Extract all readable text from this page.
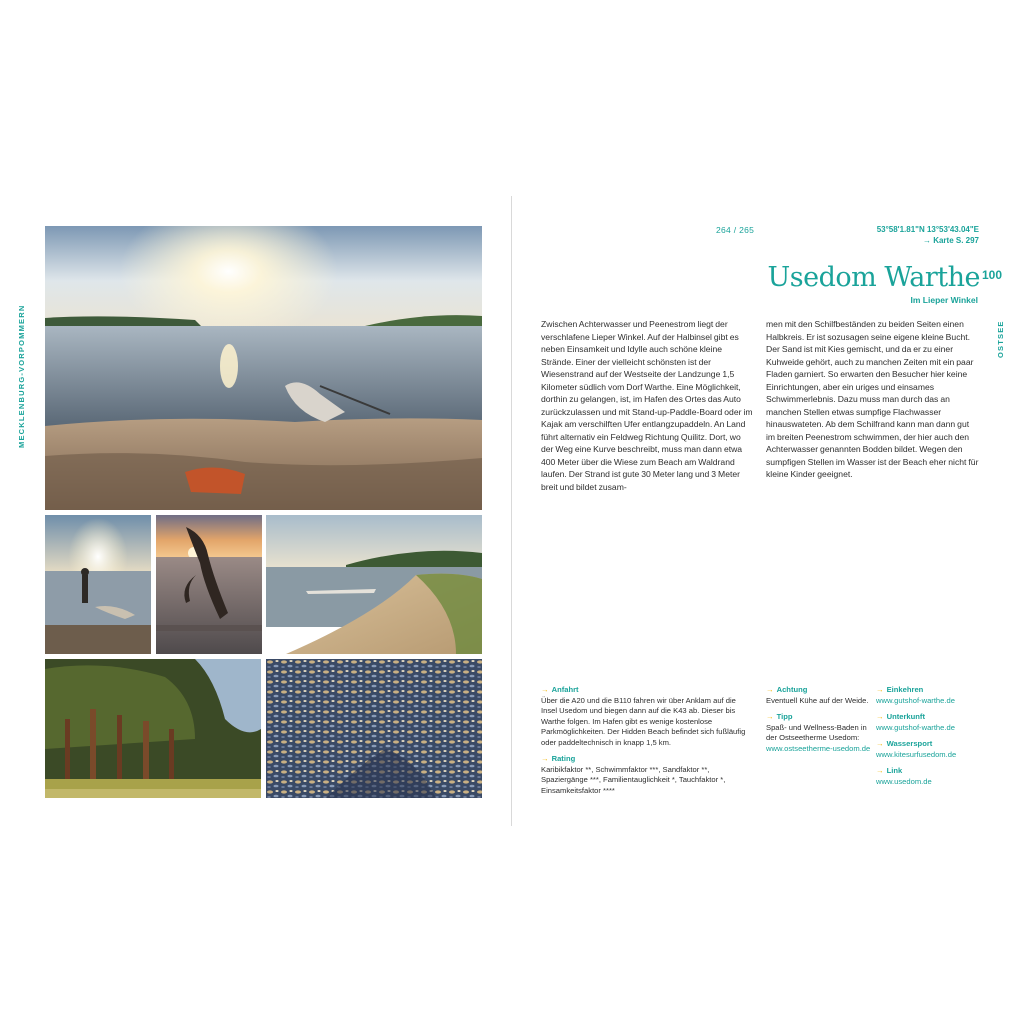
MECKLENBURG-VORPOMMERN	OSTSEE
264 / 265	53°58'1.81"N 13°53'43.04"E
→ Karte S. 297
Usedom Warthe $^{100}$
Im Lieper Winkel
Zwischen Achterwasser und Peenestrom liegt der verschlafene Lieper Winkel. Auf der Halbinsel gibt es neben Einsamkeit und Idylle auch schöne kleine Strände. Einer der vielleicht schönsten ist der Wiesenstrand auf der Westseite der Landzunge 1,5 Kilometer südlich vom Dorf Warthe. Eine Möglichkeit, dorthin zu gelangen, ist, im Hafen des Ortes das Auto zurückzulassen und mit Stand-up-Paddle-Board oder im Kajak am verschilften Ufer entlangzupaddeln. An Land führt alternativ ein Feldweg Richtung Quilitz. Dort, wo der Weg eine Kurve beschreibt, muss man dann etwa 400 Meter über die Wiese zum Beach am Waldrand laufen. Der Strand ist gute 30 Meter lang und 3 Meter breit und bildet zusam-
men mit den Schilfbeständen zu beiden Seiten einen Halbkreis. Er ist sozusagen seine eigene kleine Bucht. Der Sand ist mit Kies gemischt, und da er zu einer Kuhweide gehört, auch zu manchen Zeiten mit ein paar Fladen garniert. So erwarten den Besucher hier keine Einrichtungen, aber ein uriges und einsames Schwimmerlebnis. Dazu muss man durch das an manchen Stellen etwas sumpfige Flachwasser hinauswateten. Ab dem Schilfrand kann man dann gut im breiten Peenestrom schwimmen, der hier auch den Achterwasser genannten Bodden bildet. Wegen den sumpfigen Stellen im Wasser ist der Beach eher nicht für kleine Kinder geeignet.
→ Anfahrt
Über die A20 und die B110 fahren wir über Anklam auf die Insel Usedom und biegen dann auf die K43 ab. Dieser bis Warthe folgen. Im Hafen gibt es wenige kostenlose Parkmöglichkeiten. Der Hidden Beach befindet sich fußläufig oder paddeltechnisch in knapp 1,5 km.
→ Rating
Karibikfaktor **, Schwimmfaktor ***, Sandfaktor **, Spaziergänge ***, Familientauglichkeit *, Tauchfaktor *, Einsamkeitsfaktor ****
→ Achtung
Eventuell Kühe auf der Weide.
→ Tipp
Spaß- und Wellness-Baden in der Ostseetherme Usedom:
www.ostseetherme-usedom.de
→ Einkehren
www.gutshof-warthe.de
→ Unterkunft
www.gutshof-warthe.de
→ Wassersport
www.kitesurfusedom.de
→ Link
www.usedom.de
